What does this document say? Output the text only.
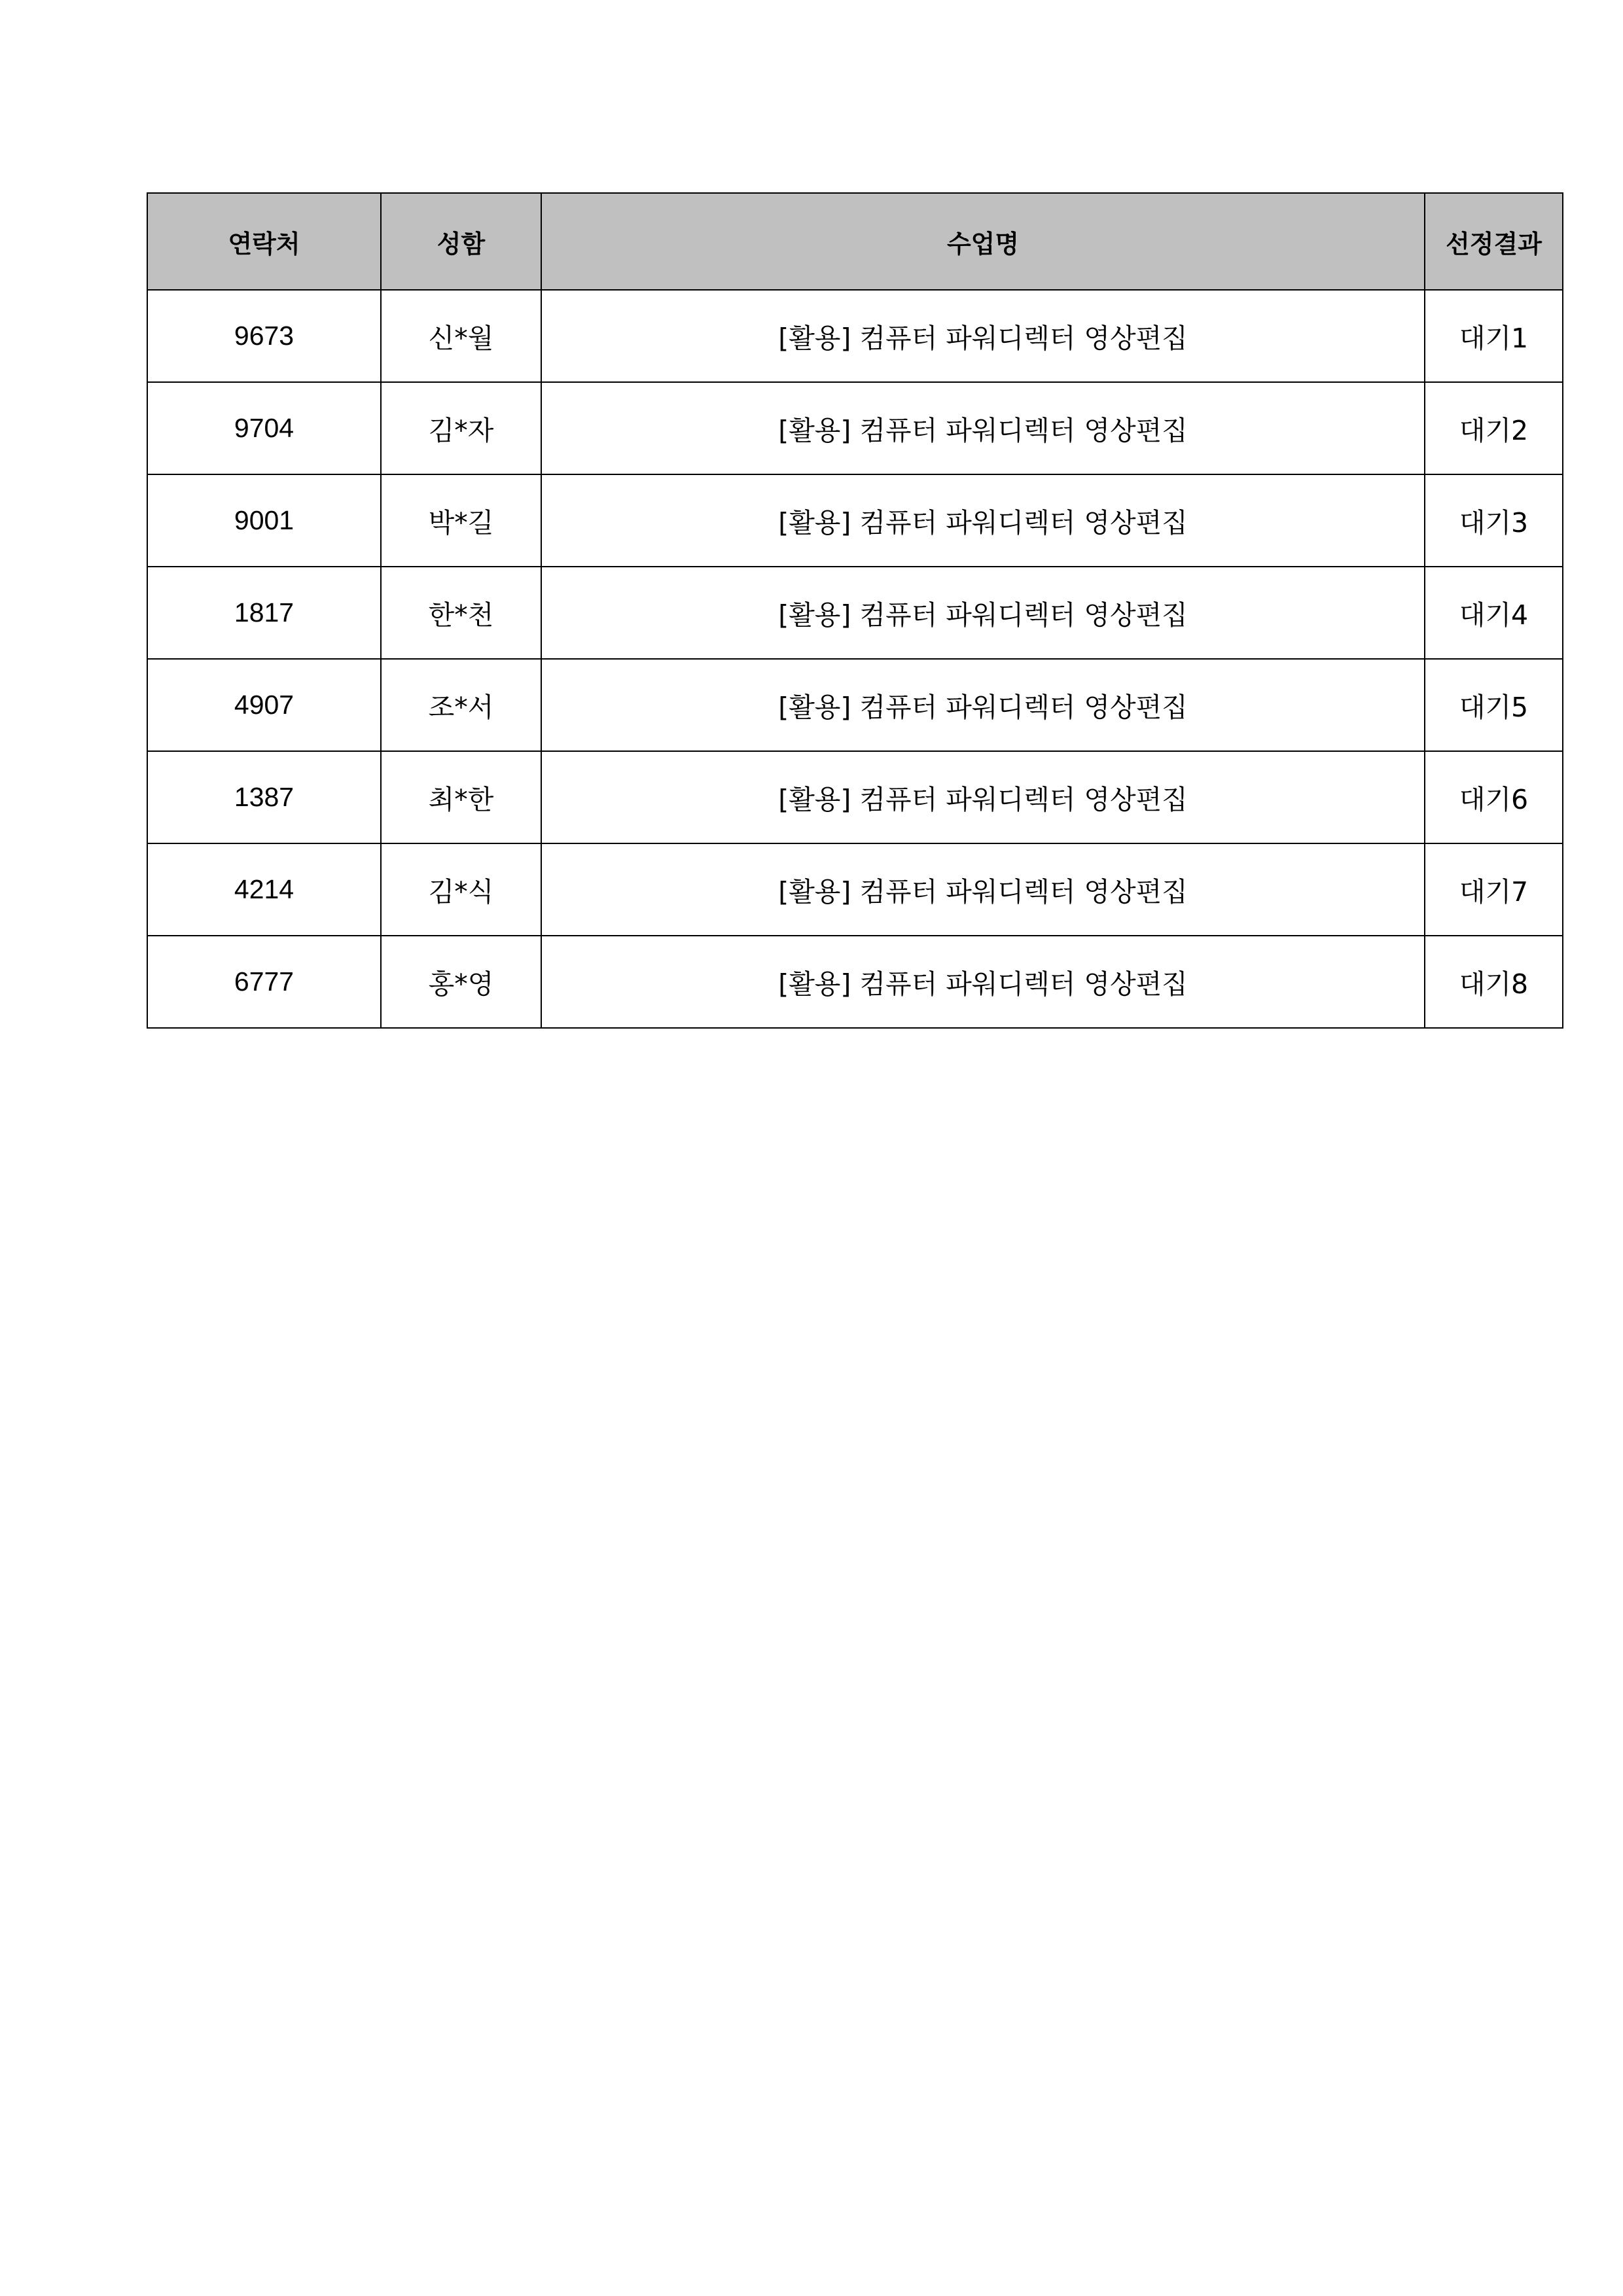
연락처	성함	수업명	선정결과
9673	신*월	[활용] 컴퓨터 파워디렉터 영상편집	대기1
9704	김*자	[활용] 컴퓨터 파워디렉터 영상편집	대기2
9001	박*길	[활용] 컴퓨터 파워디렉터 영상편집	대기3
1817	한*천	[활용] 컴퓨터 파워디렉터 영상편집	대기4
4907	조*서	[활용] 컴퓨터 파워디렉터 영상편집	대기5
1387	최*한	[활용] 컴퓨터 파워디렉터 영상편집	대기6
4214	김*식	[활용] 컴퓨터 파워디렉터 영상편집	대기7
6777	홍*영	[활용] 컴퓨터 파워디렉터 영상편집	대기8
